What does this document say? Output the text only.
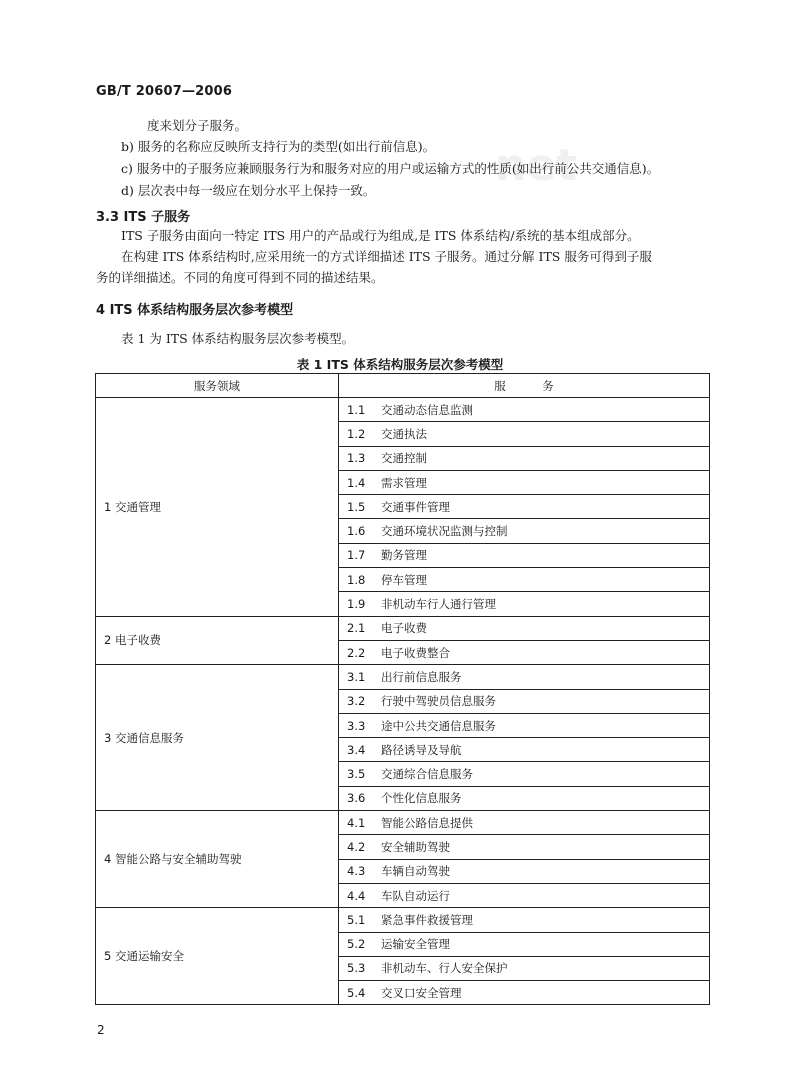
net
GB/T 20607—2006
度来划分子服务。
b) 服务的名称应反映所支持行为的类型(如出行前信息)。
c) 服务中的子服务应兼顾服务行为和服务对应的用户或运输方式的性质(如出行前公共交通信息)。
d) 层次表中每一级应在划分水平上保持一致。
3.3 ITS 子服务
ITS 子服务由面向一特定 ITS 用户的产品或行为组成,是 ITS 体系结构/系统的基本组成部分。
在构建 ITS 体系结构时,应采用统一的方式详细描述 ITS 子服务。通过分解 ITS 服务可得到子服
务的详细描述。不同的角度可得到不同的描述结果。
4 ITS 体系结构服务层次参考模型
表 1 为 ITS 体系结构服务层次参考模型。
表 1 ITS 体系结构服务层次参考模型
服务领域	服          务
1 交通管理	1.1 交通动态信息监测
	1.2 交通执法
	1.3 交通控制
	1.4 需求管理
	1.5 交通事件管理
	1.6 交通环境状况监测与控制
	1.7 勤务管理
	1.8 停车管理
	1.9 非机动车行人通行管理
2 电子收费	2.1 电子收费
	2.2 电子收费整合
3 交通信息服务	3.1 出行前信息服务
	3.2 行驶中驾驶员信息服务
	3.3 途中公共交通信息服务
	3.4 路径诱导及导航
	3.5 交通综合信息服务
	3.6 个性化信息服务
4 智能公路与安全辅助驾驶	4.1 智能公路信息提供
	4.2 安全辅助驾驶
	4.3 车辆自动驾驶
	4.4 车队自动运行
5 交通运输安全	5.1 紧急事件救援管理
	5.2 运输安全管理
	5.3 非机动车、行人安全保护
	5.4 交叉口安全管理
2
